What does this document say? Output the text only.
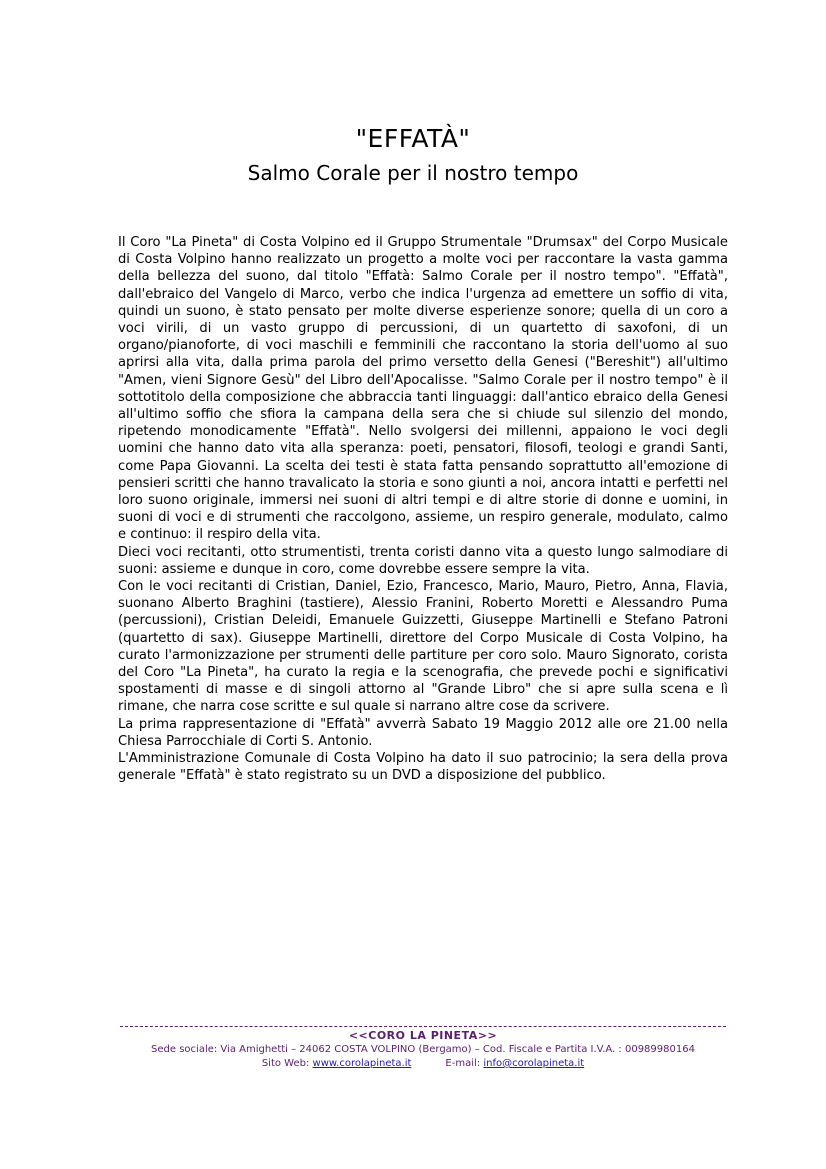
"EFFATÀ"
Salmo Corale per il nostro tempo

Il Coro "La Pineta" di Costa Volpino ed il Gruppo Strumentale "Drumsax" del Corpo Musicale di Costa Volpino hanno realizzato un progetto a molte voci per raccontare la vasta gamma della bellezza del suono, dal titolo "Effatà: Salmo Corale per il nostro tempo". "Effatà", dall'ebraico del Vangelo di Marco, verbo che indica l'urgenza ad emettere un soffio di vita, quindi un suono, è stato pensato per molte diverse esperienze sonore; quella di un coro a voci virili, di un vasto gruppo di percussioni, di un quartetto di saxofoni, di un organo/pianoforte, di voci maschili e femminili che raccontano la storia dell'uomo al suo aprirsi alla vita, dalla prima parola del primo versetto della Genesi ("Bereshit") all'ultimo "Amen, vieni Signore Gesù" del Libro dell'Apocalisse. "Salmo Corale per il nostro tempo" è il sottotitolo della composizione che abbraccia tanti linguaggi: dall'antico ebraico della Genesi all'ultimo soffio che sfiora la campana della sera che si chiude sul silenzio del mondo, ripetendo monodicamente "Effatà". Nello svolgersi dei millenni, appaiono le voci degli uomini che hanno dato vita alla speranza: poeti, pensatori, filosofi, teologi e grandi Santi, come Papa Giovanni. La scelta dei testi è stata fatta pensando soprattutto all'emozione di pensieri scritti che hanno travalicato la storia e sono giunti a noi, ancora intatti e perfetti nel loro suono originale, immersi nei suoni di altri tempi e di altre storie di donne e uomini, in suoni di voci e di strumenti che raccolgono, assieme, un respiro generale, modulato, calmo e continuo: il respiro della vita.

Dieci voci recitanti, otto strumentisti, trenta coristi danno vita a questo lungo salmodiare di suoni: assieme e dunque in coro, come dovrebbe essere sempre la vita.

Con le voci recitanti di Cristian, Daniel, Ezio, Francesco, Mario, Mauro, Pietro, Anna, Flavia, suonano Alberto Braghini (tastiere), Alessio Franini, Roberto Moretti e Alessandro Puma (percussioni), Cristian Deleidi, Emanuele Guizzetti, Giuseppe Martinelli e Stefano Patroni (quartetto di sax). Giuseppe Martinelli, direttore del Corpo Musicale di Costa Volpino, ha curato l'armonizzazione per strumenti delle partiture per coro solo. Mauro Signorato, corista del Coro "La Pineta", ha curato la regia e la scenografia, che prevede pochi e significativi spostamenti di masse e di singoli attorno al "Grande Libro" che si apre sulla scena e lì rimane, che narra cose scritte e sul quale si narrano altre cose da scrivere.

La prima rappresentazione di "Effatà" avverrà Sabato 19 Maggio 2012 alle ore 21.00 nella Chiesa Parrocchiale di Corti S. Antonio.

L'Amministrazione Comunale di Costa Volpino ha dato il suo patrocinio; la sera della prova generale "Effatà" è stato registrato su un DVD a disposizione del pubblico.

<<CORO LA PINETA>>
Sede sociale: Via Amighetti – 24062 COSTA VOLPINO (Bergamo) – Cod. Fiscale e Partita I.V.A. : 00989980164
Sito Web: www.corolapineta.it	E-mail: info@corolapineta.it
